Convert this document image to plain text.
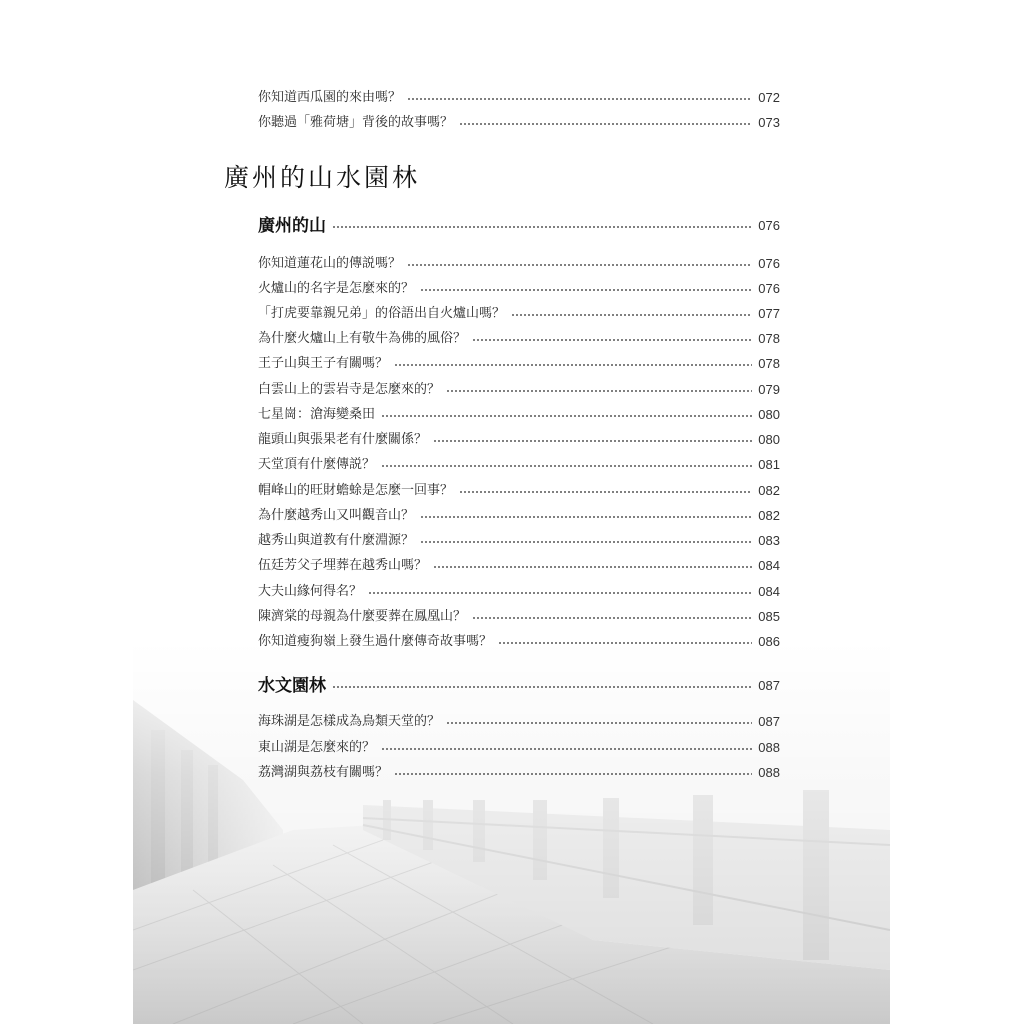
你知道西瓜園的來由嗎？	072
你聽過「雅荷塘」背後的故事嗎？	073
廣州的山水園林
廣州的山	076
你知道蓮花山的傳説嗎？	076
火爐山的名字是怎麼來的？	076
「打虎要靠親兄弟」的俗語出自火爐山嗎？	077
為什麼火爐山上有敬牛為佛的風俗？	078
王子山與王子有關嗎？	078
白雲山上的雲岩寺是怎麼來的？	079
七星崗：滄海變桑田	080
龍頭山與張果老有什麼關係？	080
天堂頂有什麼傳説？	081
帽峰山的旺財蟾蜍是怎麼一回事？	082
為什麼越秀山又叫觀音山？	082
越秀山與道教有什麼淵源？	083
伍廷芳父子埋葬在越秀山嗎？	084
大夫山緣何得名？	084
陳濟棠的母親為什麼要葬在鳳凰山？	085
你知道瘦狗嶺上發生過什麼傳奇故事嗎？	086
水文園林	087
海珠湖是怎樣成為鳥類天堂的？	087
東山湖是怎麼來的？	088
荔灣湖與荔枝有關嗎？	088
